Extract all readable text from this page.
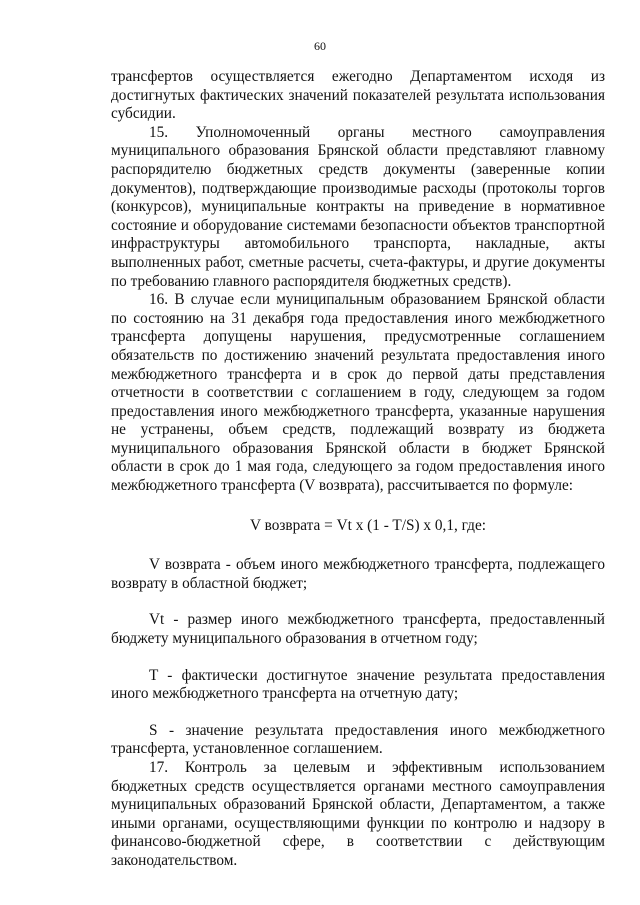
60

трансфертов осуществляется ежегодно Департаментом исходя из достигнутых фактических значений показателей результата использования субсидии.

15. Уполномоченный органы местного самоуправления муниципального образования Брянской области представляют главному распорядителю бюджетных средств документы (заверенные копии документов), подтверждающие производимые расходы (протоколы торгов (конкурсов), муниципальные контракты на приведение в нормативное состояние и оборудование системами безопасности объектов транспортной инфраструктуры автомобильного транспорта, накладные, акты выполненных работ, сметные расчеты, счета-фактуры, и другие документы по требованию главного распорядителя бюджетных средств).

16. В случае если муниципальным образованием Брянской области по состоянию на 31 декабря года предоставления иного межбюджетного трансферта допущены нарушения, предусмотренные соглашением обязательств по достижению значений результата предоставления иного межбюджетного трансферта и в срок до первой даты представления отчетности в соответствии с соглашением в году, следующем за годом предоставления иного межбюджетного трансферта, указанные нарушения не устранены, объем средств, подлежащий возврату из бюджета муниципального образования Брянской области в бюджет Брянской области в срок до 1 мая года, следующего за годом предоставления иного межбюджетного трансферта (V возврата), рассчитывается по формуле:

V возврата = Vt x (1 - T/S) x 0,1, где:

V возврата - объем иного межбюджетного трансферта, подлежащего возврату в областной бюджет;

Vt - размер иного межбюджетного трансферта, предоставленный бюджету муниципального образования в отчетном году;

T - фактически достигнутое значение результата предоставления иного межбюджетного трансферта на отчетную дату;

S - значение результата предоставления иного межбюджетного трансферта, установленное соглашением.

17. Контроль за целевым и эффективным использованием бюджетных средств осуществляется органами местного самоуправления муниципальных образований Брянской области, Департаментом, а также иными органами, осуществляющими функции по контролю и надзору в финансово-бюджетной сфере, в соответствии с действующим законодательством.
